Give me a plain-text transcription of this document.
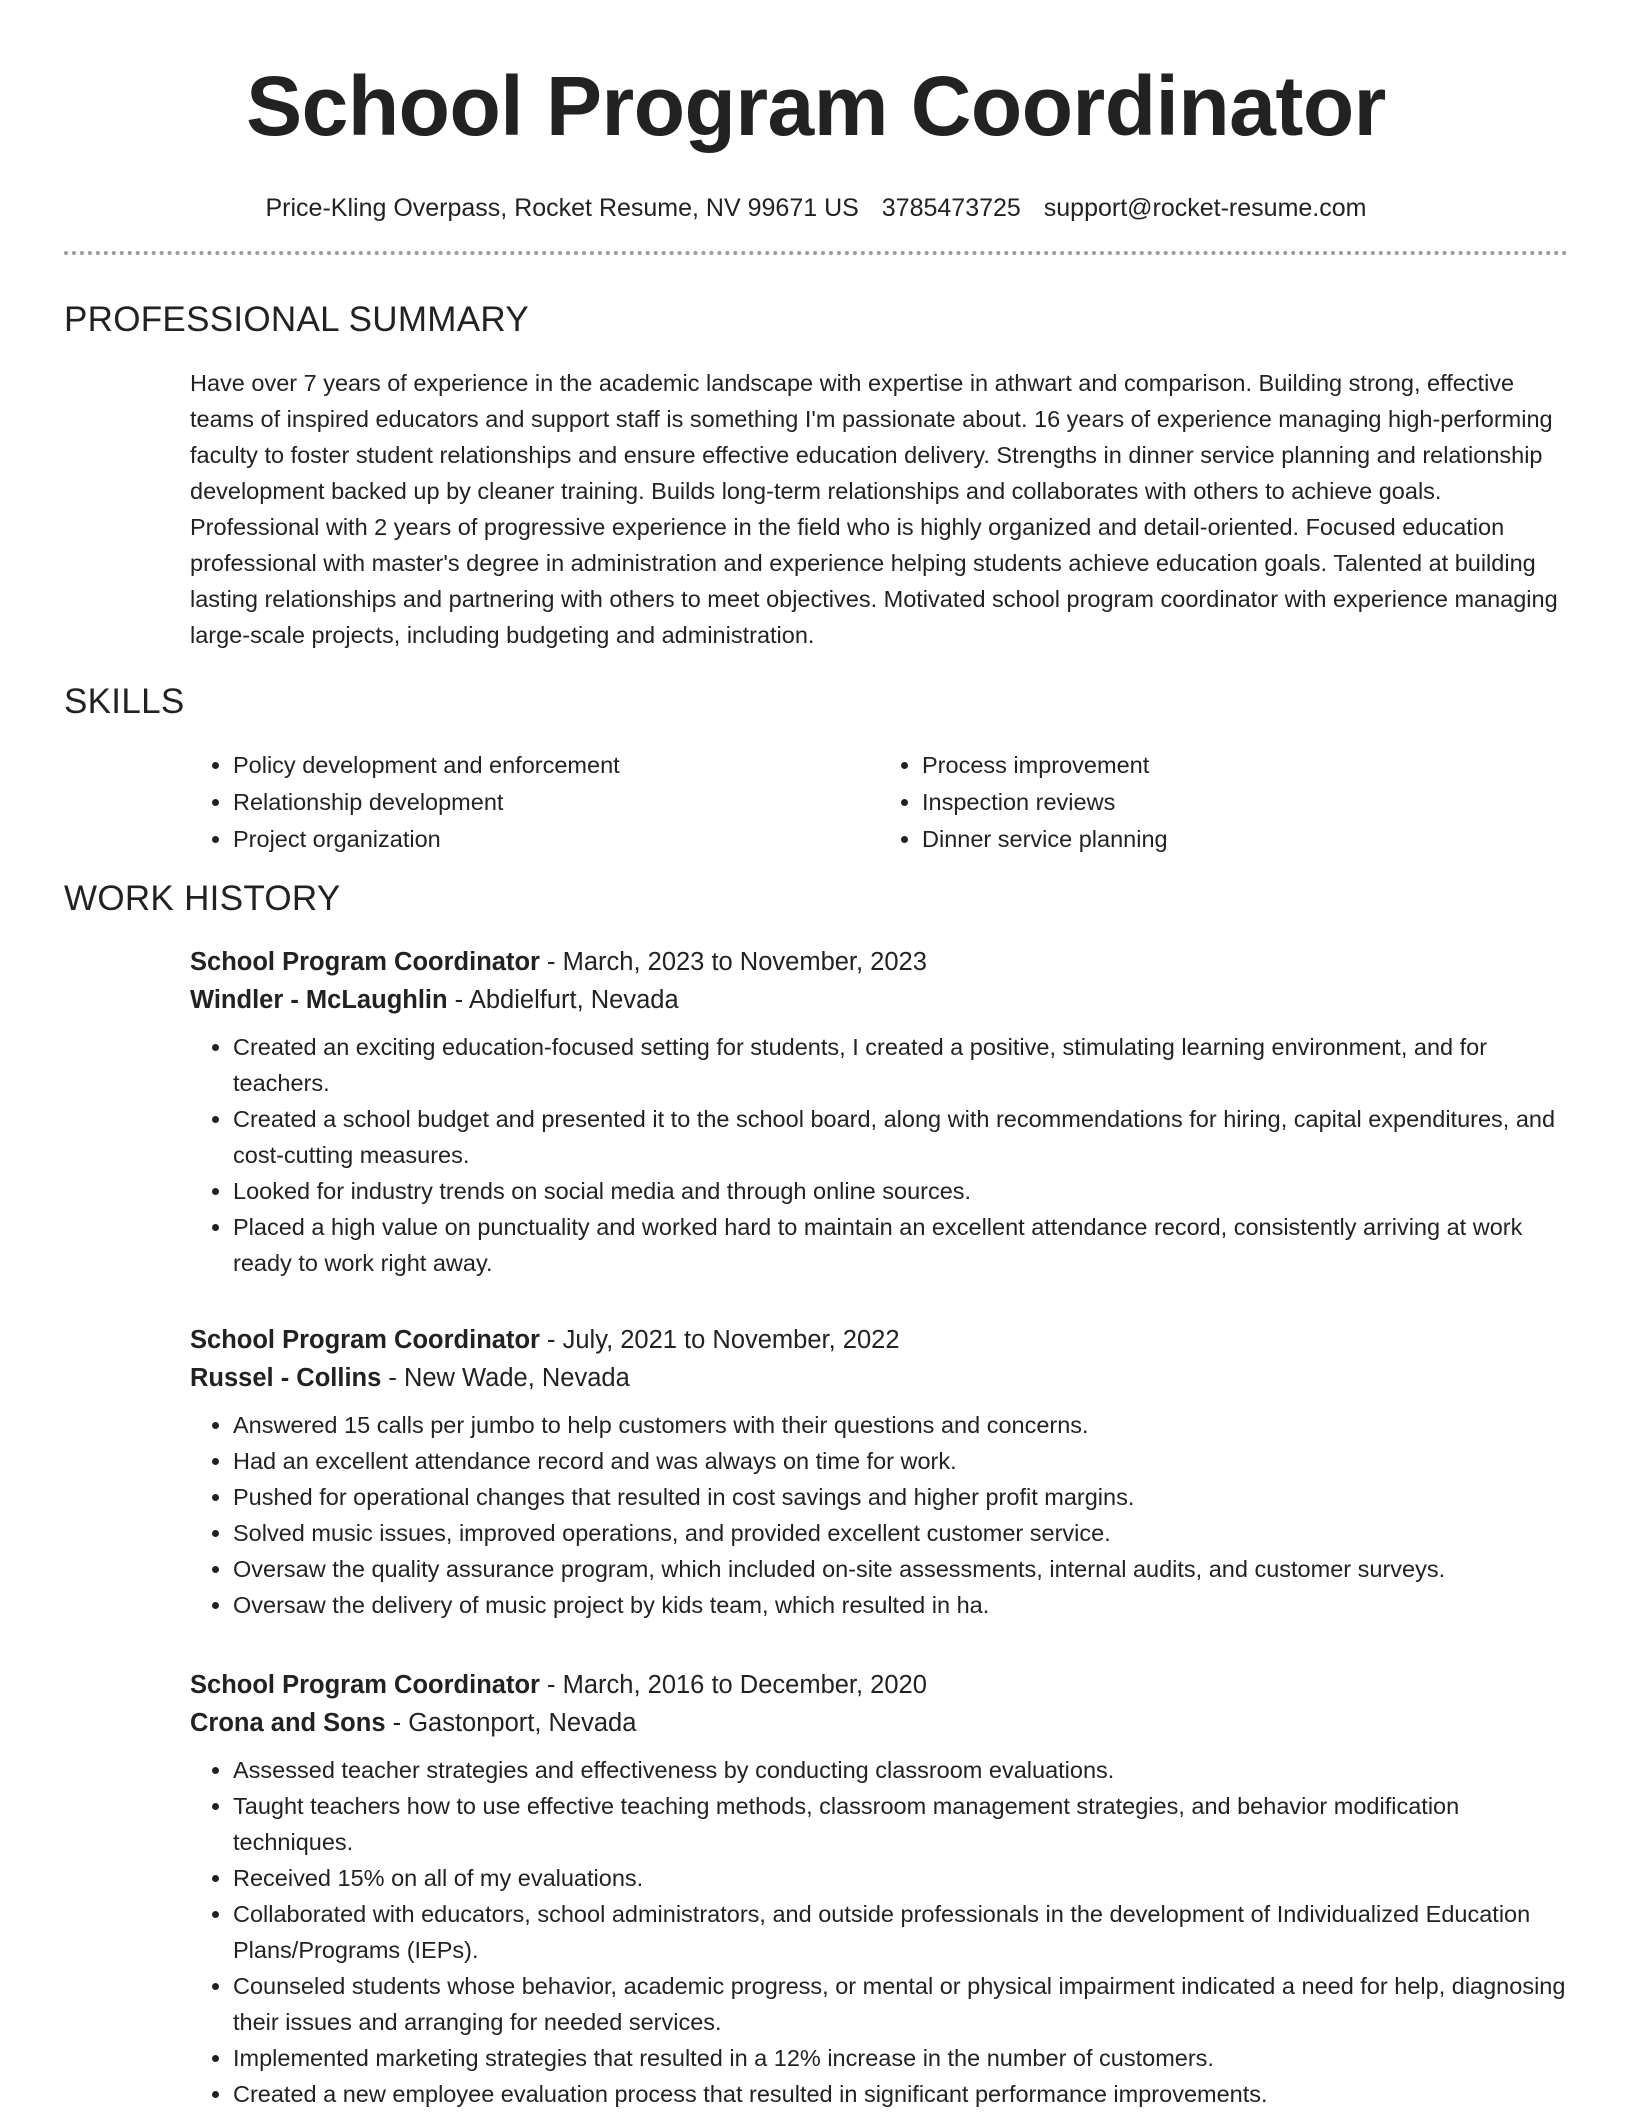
School Program Coordinator
Price-Kling Overpass, Rocket Resume, NV 99671 US 3785473725 support@rocket-resume.com
PROFESSIONAL SUMMARY
Have over 7 years of experience in the academic landscape with expertise in athwart and comparison. Building strong, effective teams of inspired educators and support staff is something I'm passionate about. 16 years of experience managing high-performing faculty to foster student relationships and ensure effective education delivery. Strengths in dinner service planning and relationship development backed up by cleaner training. Builds long-term relationships and collaborates with others to achieve goals. Professional with 2 years of progressive experience in the field who is highly organized and detail-oriented. Focused education professional with master's degree in administration and experience helping students achieve education goals. Talented at building lasting relationships and partnering with others to meet objectives. Motivated school program coordinator with experience managing large-scale projects, including budgeting and administration.
SKILLS
• Policy development and enforcement
• Relationship development
• Project organization
• Process improvement
• Inspection reviews
• Dinner service planning
WORK HISTORY
School Program Coordinator - March, 2023 to November, 2023
Windler - McLaughlin - Abdielfurt, Nevada
• Created an exciting education-focused setting for students, I created a positive, stimulating learning environment, and for teachers.
• Created a school budget and presented it to the school board, along with recommendations for hiring, capital expenditures, and cost-cutting measures.
• Looked for industry trends on social media and through online sources.
• Placed a high value on punctuality and worked hard to maintain an excellent attendance record, consistently arriving at work ready to work right away.
School Program Coordinator - July, 2021 to November, 2022
Russel - Collins - New Wade, Nevada
• Answered 15 calls per jumbo to help customers with their questions and concerns.
• Had an excellent attendance record and was always on time for work.
• Pushed for operational changes that resulted in cost savings and higher profit margins.
• Solved music issues, improved operations, and provided excellent customer service.
• Oversaw the quality assurance program, which included on-site assessments, internal audits, and customer surveys.
• Oversaw the delivery of music project by kids team, which resulted in ha.
School Program Coordinator - March, 2016 to December, 2020
Crona and Sons - Gastonport, Nevada
• Assessed teacher strategies and effectiveness by conducting classroom evaluations.
• Taught teachers how to use effective teaching methods, classroom management strategies, and behavior modification techniques.
• Received 15% on all of my evaluations.
• Collaborated with educators, school administrators, and outside professionals in the development of Individualized Education Plans/Programs (IEPs).
• Counseled students whose behavior, academic progress, or mental or physical impairment indicated a need for help, diagnosing their issues and arranging for needed services.
• Implemented marketing strategies that resulted in a 12% increase in the number of customers.
• Created a new employee evaluation process that resulted in significant performance improvements.
